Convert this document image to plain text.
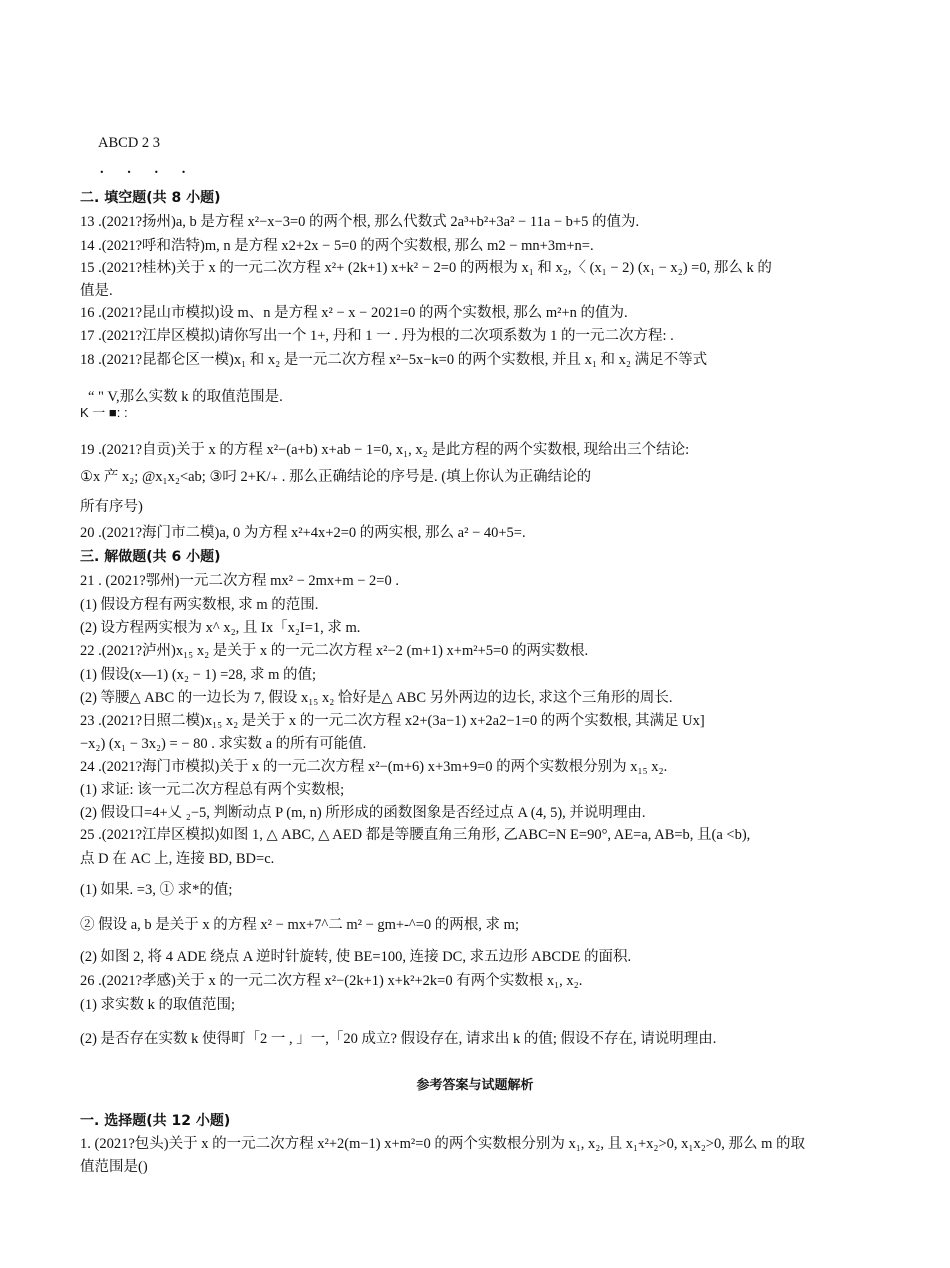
ABCD 2 3
. . . .
二. 填空题(共 8 小题)
13 .(2021?扬州)a, b 是方程 x²−x−3=0 的两个根, 那么代数式 2a³+b²+3a² − 11a − b+5 的值为.
14 .(2021?呼和浩特)m, n 是方程 x2+2x − 5=0 的两个实数根, 那么 m2 − mn+3m+n=.
15 .(2021?桂林)关于 x 的一元二次方程 x²+ (2k+1) x+k² − 2=0 的两根为 x₁ 和 x₂,〈 (x₁ − 2) (x₁ − x₂) =0, 那么 k 的
值是.
16 .(2021?昆山市模拟)设 m、n 是方程 x² − x − 2021=0 的两个实数根, 那么 m²+n 的值为.
17 .(2021?江岸区模拟)请你写出一个 1+, 丹和 1 一 . 丹为根的二次项系数为 1 的一元二次方程: .
18 .(2021?昆都仑区一模)x₁ 和 x₂ 是一元二次方程 x²−5x−k=0 的两个实数根, 并且 x₁ 和 x₂ 满足不等式
“ " V,那么实数 k 的取值范围是.
K 一 ■: :
19 .(2021?自贡)关于 x 的方程 x²−(a+b) x+ab − 1=0, x₁, x₂ 是此方程的两个实数根, 现给出三个结论:
①x 产 x₂; @x₁x₂<ab; ③叼 2+K/₊ . 那么正确结论的序号是. (填上你认为正确结论的
所有序号)
20 .(2021?海门市二模)a, 0 为方程 x²+4x+2=0 的两实根, 那么 a² − 40+5=.
三. 解做题(共 6 小题)
21 . (2021?鄂州)一元二次方程 mx² − 2mx+m − 2=0 .
(1) 假设方程有两实数根, 求 m 的范围.
(2) 设方程两实根为 x^ x₂, 且 Ix「x₂I=1, 求 m.
22 .(2021?泸州)x₁₅ x₂ 是关于 x 的一元二次方程 x²−2 (m+1) x+m²+5=0 的两实数根.
(1) 假设(x—1) (x₂ − 1) =28, 求 m 的值;
(2) 等腰△ ABC 的一边长为 7, 假设 x₁₅ x₂ 恰好是△ ABC 另外两边的边长, 求这个三角形的周长.
23 .(2021?日照二模)x₁₅ x₂ 是关于 x 的一元二次方程 x2+(3a−1) x+2a2−1=0 的两个实数根, 其满足 Ux]
−x₂) (x₁ − 3x₂) = − 80 . 求实数 a 的所有可能值.
24 .(2021?海门市模拟)关于 x 的一元二次方程 x²−(m+6) x+3m+9=0 的两个实数根分别为 x₁₅ x₂.
(1) 求证: 该一元二次方程总有两个实数根;
(2) 假设口=4+乂 ₂−5, 判断动点 P (m, n) 所形成的函数图象是否经过点 A (4, 5), 并说明理由.
25 .(2021?江岸区模拟)如图 1, △ ABC, △ AED 都是等腰直角三角形, 乙ABC=N E=90°, AE=a, AB=b, 且(a <b),
点 D 在 AC 上, 连接 BD, BD=c.
(1) 如果. =3, ① 求*的值;
② 假设 a, b 是关于 x 的方程 x² − mx+7^二 m² − gm+-^=0 的两根, 求 m;
(2) 如图 2, 将 4 ADE 绕点 A 逆时针旋转, 使 BE=100, 连接 DC, 求五边形 ABCDE 的面积.
26 .(2021?孝感)关于 x 的一元二次方程 x²−(2k+1) x+k²+2k=0 有两个实数根 x₁, x₂.
(1) 求实数 k 的取值范围;
(2) 是否存在实数 k 使得町「2 一 , 」一,「20 成立? 假设存在, 请求出 k 的值; 假设不存在, 请说明理由.
参考答案与试题解析
一. 选择题(共 12 小题)
1. (2021?包头)关于 x 的一元二次方程 x²+2(m−1) x+m²=0 的两个实数根分别为 x₁, x₂, 且 x₁+x₂>0, x₁x₂>0, 那么 m 的取
值范围是()
